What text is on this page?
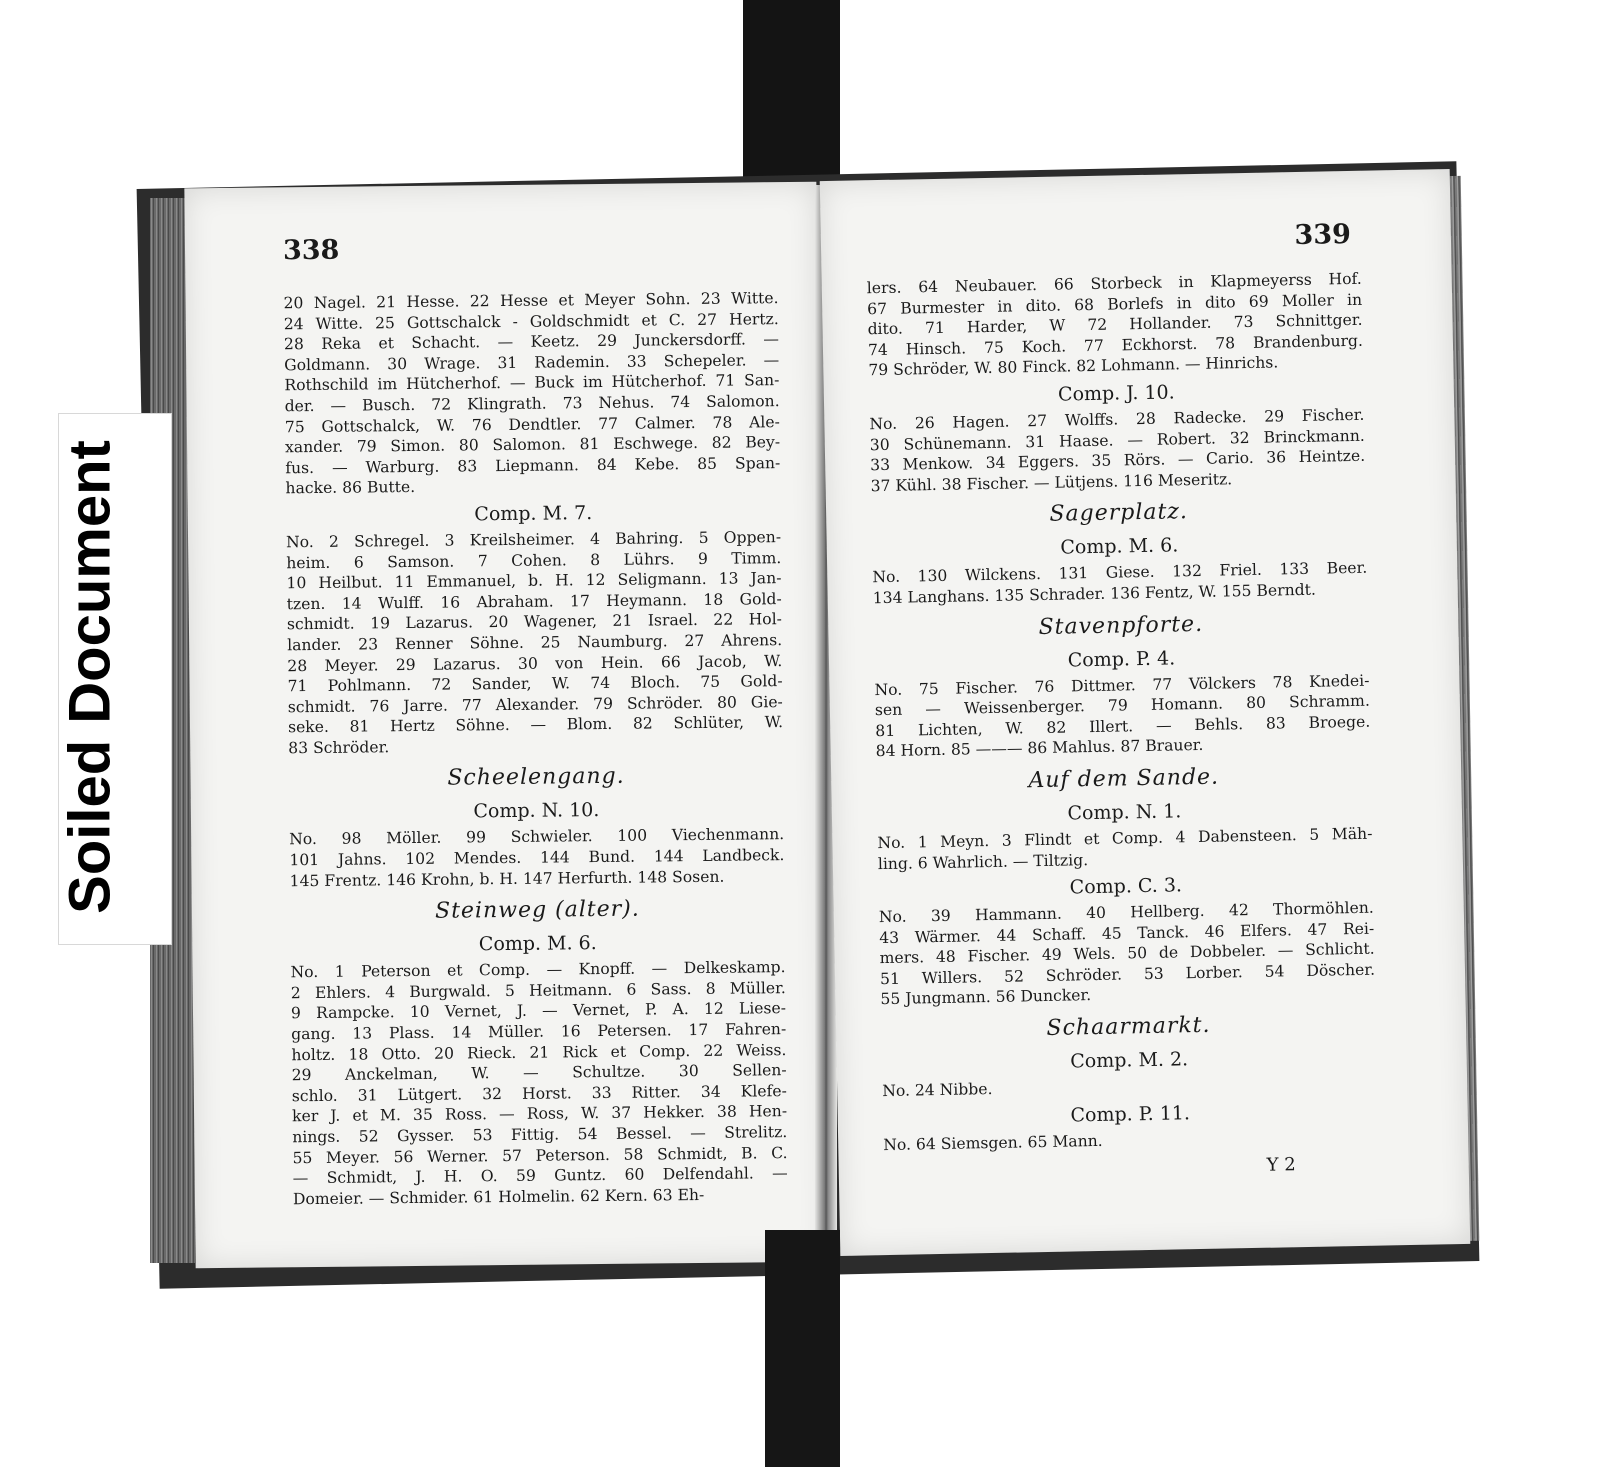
338
20 Nagel. 21 Hesse. 22 Hesse et Meyer Sohn. 23 Witte.
24 Witte. 25 Gottschalck - Goldschmidt et C. 27 Hertz.
28 Reka et Schacht. — Keetz. 29 Junckersdorff. —
Goldmann. 30 Wrage. 31 Rademin. 33 Schepeler. —
Rothschild im Hütcherhof. — Buck im Hütcherhof. 71 San-
der. — Busch. 72 Klingrath. 73 Nehus. 74 Salomon.
75 Gottschalck, W. 76 Dendtler. 77 Calmer. 78 Ale-
xander. 79 Simon. 80 Salomon. 81 Eschwege. 82 Bey-
fus. — Warburg. 83 Liepmann. 84 Kebe. 85 Span-
hacke. 86 Butte.
Comp. M. 7.
No. 2 Schregel. 3 Kreilsheimer. 4 Bahring. 5 Oppen-
heim. 6 Samson. 7 Cohen. 8 Lührs. 9 Timm.
10 Heilbut. 11 Emmanuel, b. H. 12 Seligmann. 13 Jan-
tzen. 14 Wulff. 16 Abraham. 17 Heymann. 18 Gold-
schmidt. 19 Lazarus. 20 Wagener, 21 Israel. 22 Hol-
lander. 23 Renner Söhne. 25 Naumburg. 27 Ahrens.
28 Meyer. 29 Lazarus. 30 von Hein. 66 Jacob, W.
71 Pohlmann. 72 Sander, W. 74 Bloch. 75 Gold-
schmidt. 76 Jarre. 77 Alexander. 79 Schröder. 80 Gie-
seke. 81 Hertz Söhne. — Blom. 82 Schlüter, W.
83 Schröder.
Scheelengang.
Comp. N. 10.
No. 98 Möller. 99 Schwieler. 100 Viechenmann.
101 Jahns. 102 Mendes. 144 Bund. 144 Landbeck.
145 Frentz. 146 Krohn, b. H. 147 Herfurth. 148 Sosen.
Steinweg (alter).
Comp. M. 6.
No. 1 Peterson et Comp. — Knopff. — Delkeskamp.
2 Ehlers. 4 Burgwald. 5 Heitmann. 6 Sass. 8 Müller.
9 Rampcke. 10 Vernet, J. — Vernet, P. A. 12 Liese-
gang. 13 Plass. 14 Müller. 16 Petersen. 17 Fahren-
holtz. 18 Otto. 20 Rieck. 21 Rick et Comp. 22 Weiss.
29 Anckelman, W. — Schultze. 30 Sellen-
schlo. 31 Lütgert. 32 Horst. 33 Ritter. 34 Klefe-
ker J. et M. 35 Ross. — Ross, W. 37 Hekker. 38 Hen-
nings. 52 Gysser. 53 Fittig. 54 Bessel. — Strelitz.
55 Meyer. 56 Werner. 57 Peterson. 58 Schmidt, B. C.
— Schmidt, J. H. O. 59 Guntz. 60 Delfendahl. —
Domeier. — Schmider. 61 Holmelin. 62 Kern. 63 Eh-
339
lers. 64 Neubauer. 66 Storbeck in Klapmeyerss Hof.
67 Burmester in dito. 68 Borlefs in dito 69 Moller in
dito. 71 Harder, W 72 Hollander. 73 Schnittger.
74 Hinsch. 75 Koch. 77 Eckhorst. 78 Brandenburg.
79 Schröder, W. 80 Finck. 82 Lohmann. — Hinrichs.
Comp. J. 10.
No. 26 Hagen. 27 Wolffs. 28 Radecke. 29 Fischer.
30 Schünemann. 31 Haase. — Robert. 32 Brinckmann.
33 Menkow. 34 Eggers. 35 Rörs. — Cario. 36 Heintze.
37 Kühl. 38 Fischer. — Lütjens. 116 Meseritz.
Sagerplatz.
Comp. M. 6.
No. 130 Wilckens. 131 Giese. 132 Friel. 133 Beer.
134 Langhans. 135 Schrader. 136 Fentz, W. 155 Berndt.
Stavenpforte.
Comp. P. 4.
No. 75 Fischer. 76 Dittmer. 77 Völckers 78 Knedei-
sen — Weissenberger. 79 Homann. 80 Schramm.
81 Lichten, W. 82 Illert. — Behls. 83 Broege.
84 Horn. 85 ——— 86 Mahlus. 87 Brauer.
Auf dem Sande.
Comp. N. 1.
No. 1 Meyn. 3 Flindt et Comp. 4 Dabensteen. 5 Mäh-
ling. 6 Wahrlich. — Tiltzig.
Comp. C. 3.
No. 39 Hammann. 40 Hellberg. 42 Thormöhlen.
43 Wärmer. 44 Schaff. 45 Tanck. 46 Elfers. 47 Rei-
mers. 48 Fischer. 49 Wels. 50 de Dobbeler. — Schlicht.
51 Willers. 52 Schröder. 53 Lorber. 54 Döscher.
55 Jungmann. 56 Duncker.
Schaarmarkt.
Comp. M. 2.
No. 24 Nibbe.
Comp. P. 11.
No. 64 Siemsgen. 65 Mann.
Y 2
Soiled Document
